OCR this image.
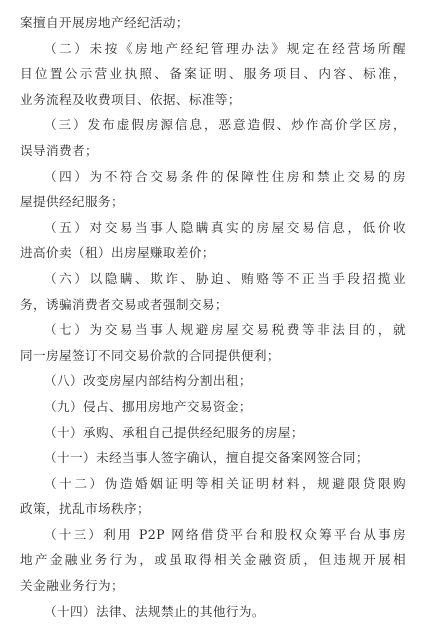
案擅自开展房地产经纪活动；
（二）未按《房地产经纪管理办法》规定在经营场所醒
目位置公示营业执照、备案证明、服务项目、内容、标准，
业务流程及收费项目、依据、标准等；
（三）发布虚假房源信息，恶意造假、炒作高价学区房，
误导消费者；
（四）为不符合交易条件的保障性住房和禁止交易的房
屋提供经纪服务；
（五）对交易当事人隐瞒真实的房屋交易信息，低价收
进高价卖（租）出房屋赚取差价；
（六）以隐瞒、欺诈、胁迫、贿赂等不正当手段招揽业
务，诱骗消费者交易或者强制交易；
（七）为交易当事人规避房屋交易税费等非法目的，就
同一房屋签订不同交易价款的合同提供便利；
（八）改变房屋内部结构分割出租；
（九）侵占、挪用房地产交易资金；
（十）承购、承租自己提供经纪服务的房屋；
（十一）未经当事人签字确认，擅自提交备案网签合同；
（十二）伪造婚姻证明等相关证明材料，规避限贷限购
政策，扰乱市场秩序；
（十三）利用 P2P 网络借贷平台和股权众筹平台从事房
地产金融业务行为，或虽取得相关金融资质，但违规开展相
关金融业务行为；
（十四）法律、法规禁止的其他行为。
